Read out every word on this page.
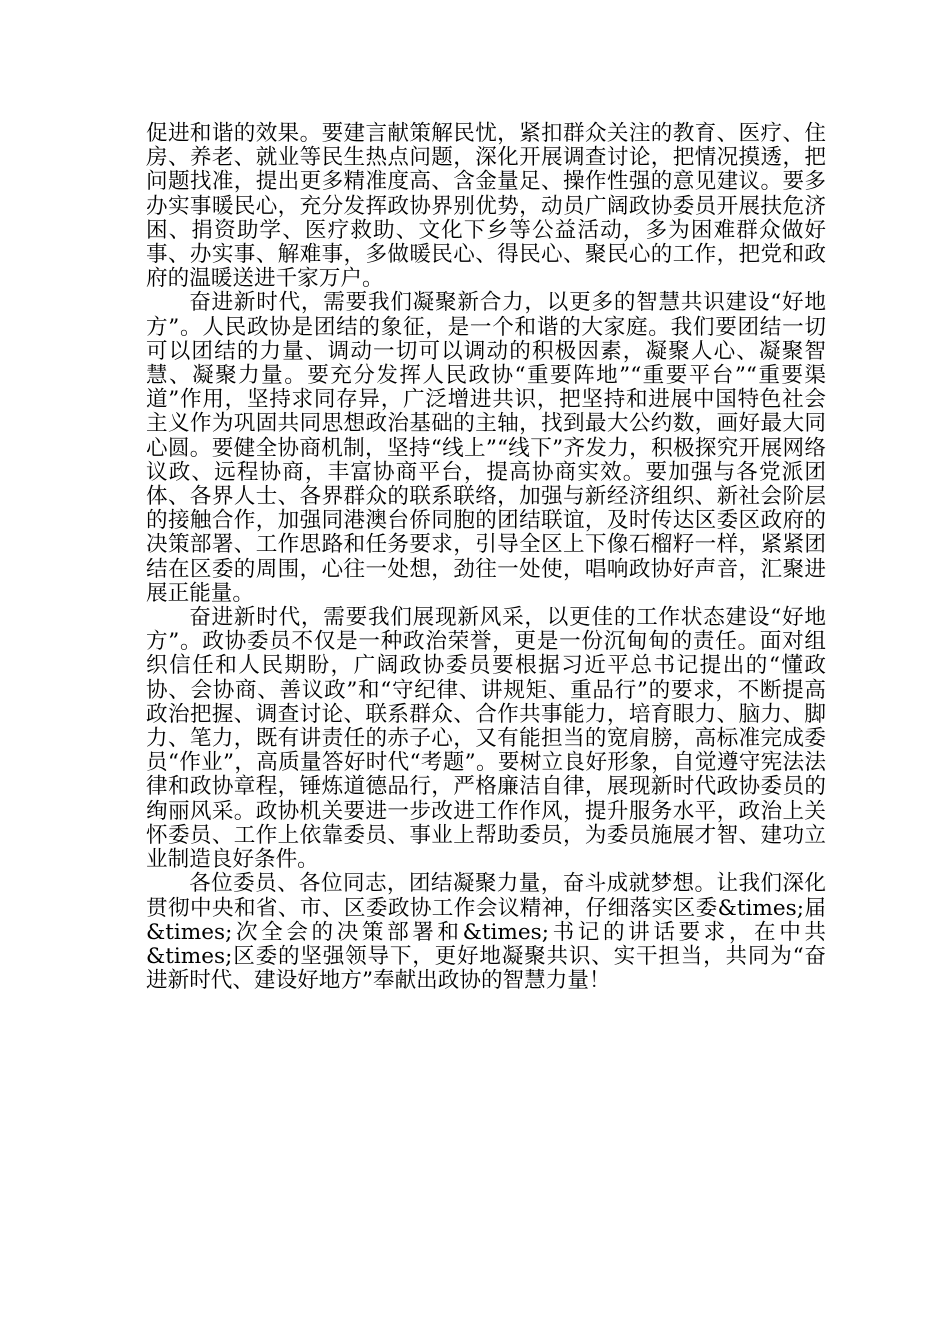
促进和谐的效果。要建言献策解民忧，紧扣群众关注的教育、医疗、住房、养老、就业等民生热点问题，深化开展调查讨论，把情况摸透，把问题找准，提出更多精准度高、含金量足、操作性强的意见建议。要多办实事暖民心，充分发挥政协界别优势，动员广阔政协委员开展扶危济困、捐资助学、医疗救助、文化下乡等公益活动，多为困难群众做好事、办实事、解难事，多做暖民心、得民心、聚民心的工作，把党和政府的温暖送进千家万户。

奋进新时代，需要我们凝聚新合力，以更多的智慧共识建设“好地方”。人民政协是团结的象征，是一个和谐的大家庭。我们要团结一切可以团结的力量、调动一切可以调动的积极因素，凝聚人心、凝聚智慧、凝聚力量。要充分发挥人民政协“重要阵地”“重要平台”“重要渠道”作用，坚持求同存异，广泛增进共识，把坚持和进展中国特色社会主义作为巩固共同思想政治基础的主轴，找到最大公约数，画好最大同心圆。要健全协商机制，坚持“线上”“线下”齐发力，积极探究开展网络议政、远程协商，丰富协商平台，提高协商实效。要加强与各党派团体、各界人士、各界群众的联系联络，加强与新经济组织、新社会阶层的接触合作，加强同港澳台侨同胞的团结联谊，及时传达区委区政府的决策部署、工作思路和任务要求，引导全区上下像石榴籽一样，紧紧团结在区委的周围，心往一处想，劲往一处使，唱响政协好声音，汇聚进展正能量。

奋进新时代，需要我们展现新风采，以更佳的工作状态建设“好地方”。政协委员不仅是一种政治荣誉，更是一份沉甸甸的责任。面对组织信任和人民期盼，广阔政协委员要根据习近平总书记提出的“懂政协、会协商、善议政”和“守纪律、讲规矩、重品行”的要求，不断提高政治把握、调查讨论、联系群众、合作共事能力，培育眼力、脑力、脚力、笔力，既有讲责任的赤子心，又有能担当的宽肩膀，高标准完成委员“作业”，高质量答好时代“考题”。要树立良好形象，自觉遵守宪法法律和政协章程，锤炼道德品行，严格廉洁自律，展现新时代政协委员的绚丽风采。政协机关要进一步改进工作作风，提升服务水平，政治上关怀委员、工作上依靠委员、事业上帮助委员，为委员施展才智、建功立业制造良好条件。

各位委员、各位同志，团结凝聚力量，奋斗成就梦想。让我们深化贯彻中央和省、市、区委政协工作会议精神，仔细落实区委&times;届&times;次全会的决策部署和&times;书记的讲话要求，在中共&times;区委的坚强领导下，更好地凝聚共识、实干担当，共同为“奋进新时代、建设好地方”奉献出政协的智慧力量！
